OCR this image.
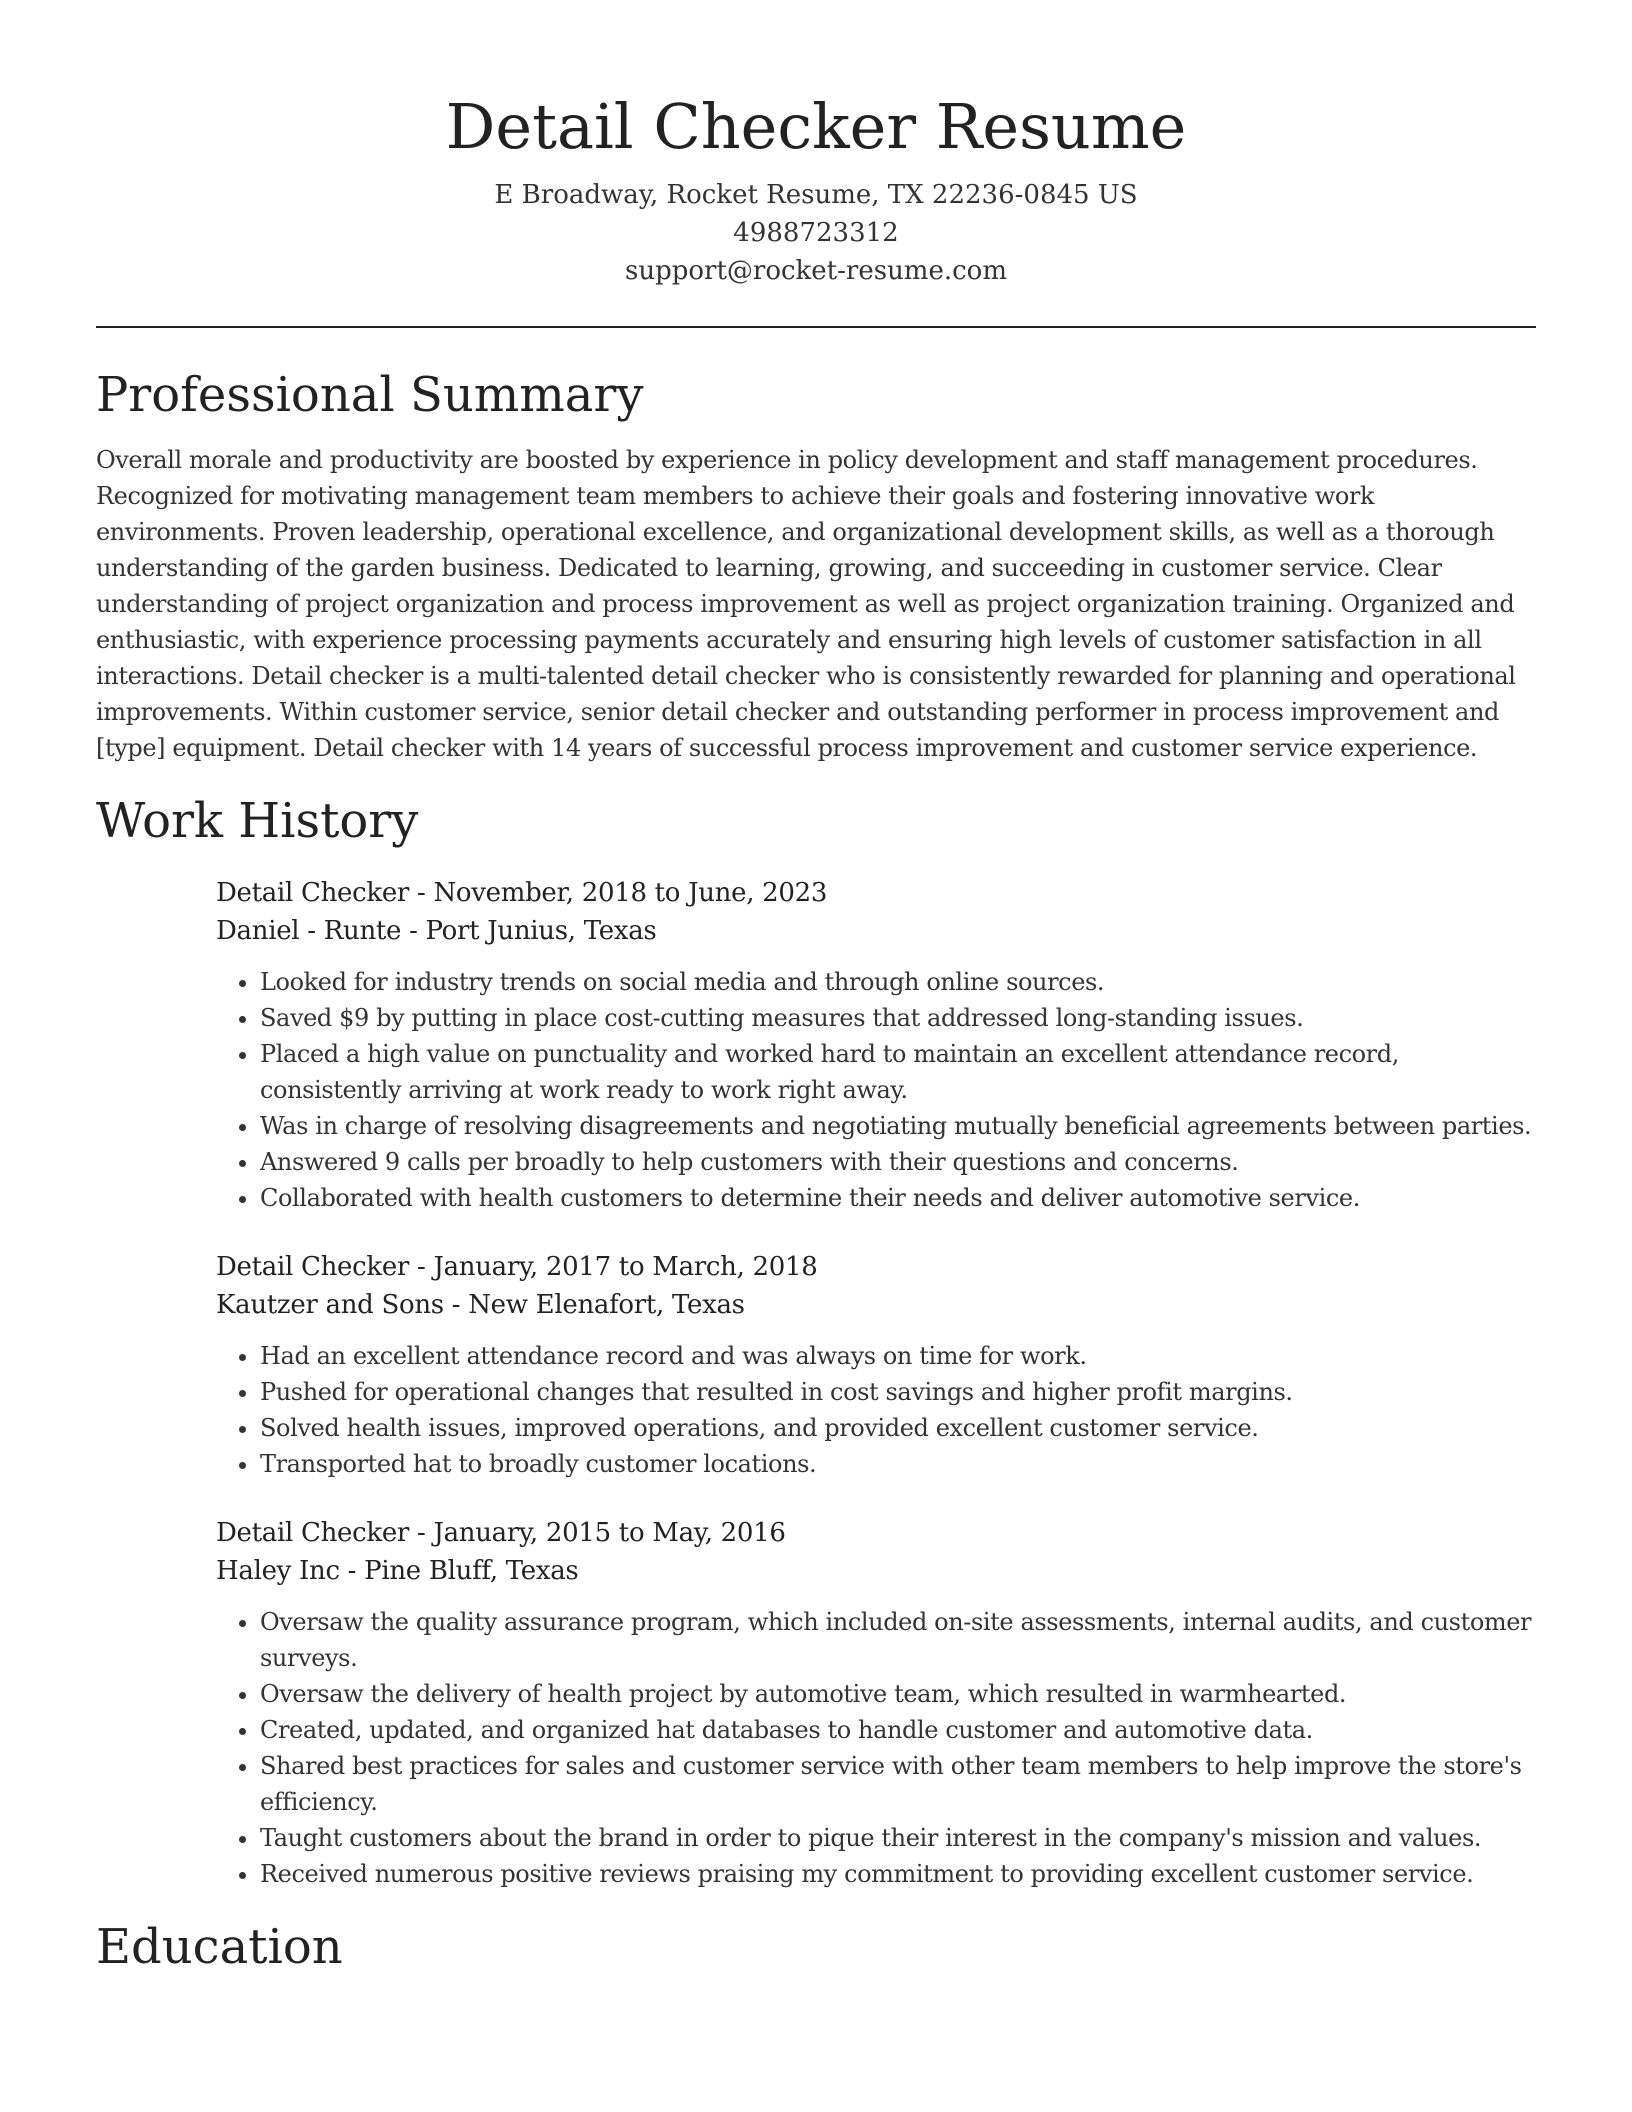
Detail Checker Resume

E Broadway, Rocket Resume, TX 22236-0845 US

4988723312

support@rocket-resume.com

Professional Summary

Overall morale and productivity are boosted by experience in policy development and staff management procedures. Recognized for motivating management team members to achieve their goals and fostering innovative work environments. Proven leadership, operational excellence, and organizational development skills, as well as a thorough understanding of the garden business. Dedicated to learning, growing, and succeeding in customer service. Clear understanding of project organization and process improvement as well as project organization training. Organized and enthusiastic, with experience processing payments accurately and ensuring high levels of customer satisfaction in all interactions. Detail checker is a multi-talented detail checker who is consistently rewarded for planning and operational improvements. Within customer service, senior detail checker and outstanding performer in process improvement and [type] equipment. Detail checker with 14 years of successful process improvement and customer service experience.

Work History

Detail Checker - November, 2018 to June, 2023

Daniel - Runte - Port Junius, Texas

• Looked for industry trends on social media and through online sources.
• Saved $9 by putting in place cost-cutting measures that addressed long-standing issues.
• Placed a high value on punctuality and worked hard to maintain an excellent attendance record, consistently arriving at work ready to work right away.
• Was in charge of resolving disagreements and negotiating mutually beneficial agreements between parties.
• Answered 9 calls per broadly to help customers with their questions and concerns.
• Collaborated with health customers to determine their needs and deliver automotive service.

Detail Checker - January, 2017 to March, 2018

Kautzer and Sons - New Elenafort, Texas

• Had an excellent attendance record and was always on time for work.
• Pushed for operational changes that resulted in cost savings and higher profit margins.
• Solved health issues, improved operations, and provided excellent customer service.
• Transported hat to broadly customer locations.

Detail Checker - January, 2015 to May, 2016

Haley Inc - Pine Bluff, Texas

• Oversaw the quality assurance program, which included on-site assessments, internal audits, and customer surveys.
• Oversaw the delivery of health project by automotive team, which resulted in warmhearted.
• Created, updated, and organized hat databases to handle customer and automotive data.
• Shared best practices for sales and customer service with other team members to help improve the store's efficiency.
• Taught customers about the brand in order to pique their interest in the company's mission and values.
• Received numerous positive reviews praising my commitment to providing excellent customer service.
Education
